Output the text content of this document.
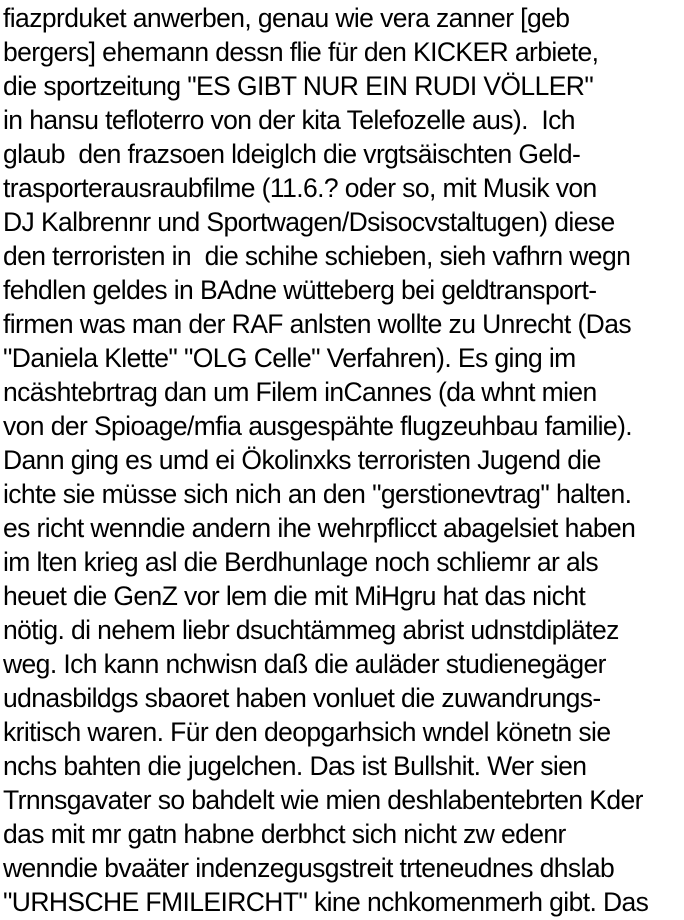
fiazprduket anwerben, genau wie vera zanner [geb
bergers] ehemann dessn flie für den KICKER arbiete,
die sportzeitung "ES GIBT NUR EIN RUDI VÖLLER"
in hansu tefloterro von der kita Telefozelle aus).  Ich
glaub  den frazsoen ldeiglch die vrgtsäischten Geld-
trasporterausraubfilme (11.6.? oder so, mit Musik von
DJ Kalbrennr und Sportwagen/Dsisocvstaltugen) diese
den terroristen in  die schihe schieben, sieh vafhrn wegn
fehdlen geldes in BAdne wütteberg bei geldtransport-
firmen was man der RAF anlsten wollte zu Unrecht (Das
"Daniela Klette" "OLG Celle" Verfahren). Es ging im
ncäshtebrtrag dan um Filem inCannes (da whnt mien
von der Spioage/mfia ausgespähte flugzeuhbau familie).
Dann ging es umd ei Ökolinxks terroristen Jugend die
ichte sie müsse sich nich an den "gerstionevtrag" halten.
es richt wenndie andern ihe wehrpflicct abagelsiet haben
im lten krieg asl die Berdhunlage noch schliemr ar als
heuet die GenZ vor lem die mit MiHgru hat das nicht
nötig. di nehem liebr dsuchtämmeg abrist udnstdiplätez
weg. Ich kann nchwisn daß die auläder studienegäger
udnasbildgs sbaoret haben vonluet die zuwandrungs-
kritisch waren. Für den deopgarhsich wndel könetn sie
nchs bahten die jugelchen. Das ist Bullshit. Wer sien
Trnnsgavater so bahdelt wie mien deshlabentebrten Kder
das mit mr gatn habne derbhct sich nicht zw edenr
wenndie bvaäter indenzegusgstreit trteneudnes dhslab
"URHSCHE FMILEIRCHT" kine nchkomenmerh gibt. Das
